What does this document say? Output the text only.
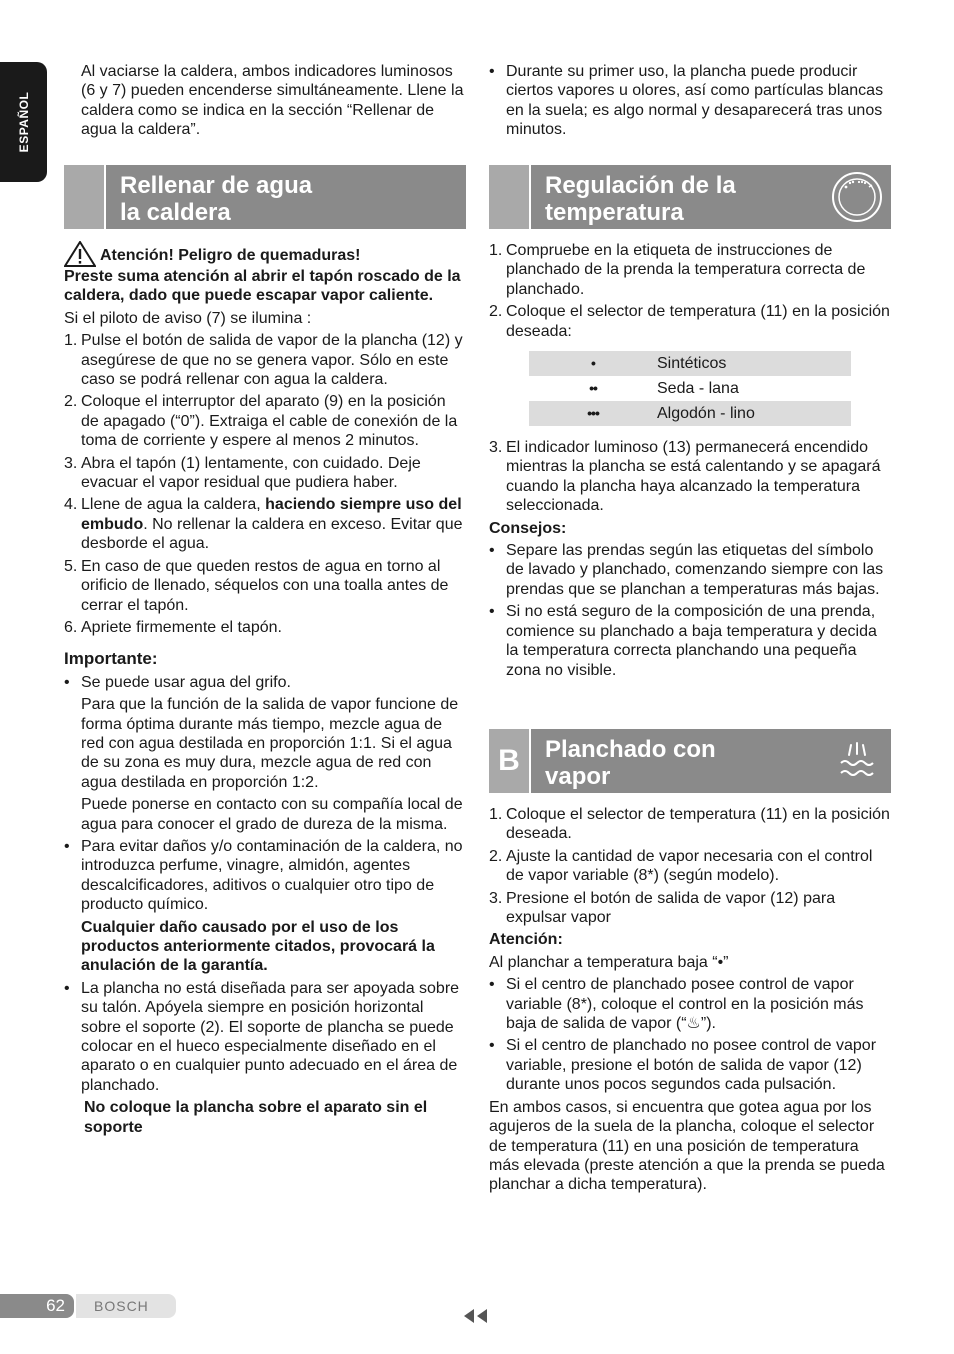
ESPAÑOL

Al vaciarse la caldera, ambos indicadores luminosos (6 y 7) pueden encenderse simultáneamente. Llene la caldera como se indica en la sección “Rellenar de agua la caldera”.

Rellenar de agua
la caldera
Atención! Peligro de quemaduras!

Preste suma atención al abrir el tapón roscado de la caldera, dado que puede escapar vapor caliente.

Si el piloto de aviso (7) se ilumina :

1. Pulse el botón de salida de vapor de la plancha (12) y asegúrese de que no se genera vapor. Sólo en este caso se podrá rellenar con agua la caldera.
2. Coloque el interruptor del aparato (9) en la posición de apagado (“0”). Extraiga el cable de conexión de la toma de corriente y espere al menos 2 minutos.
3. Abra el tapón (1) lentamente, con cuidado. Deje evacuar el vapor residual que pudiera haber.
4. Llene de agua la caldera, haciendo siempre uso del embudo. No rellenar la caldera en exceso. Evitar que desborde el agua.
5. En caso de que queden restos de agua en torno al orificio de llenado, séquelos con una toalla antes de cerrar el tapón.
6. Apriete firmemente el tapón.

Importante:

• Se puede usar agua del grifo.

Para que la función de la salida de vapor funcione de forma óptima durante más tiempo, mezcle agua de red con agua destilada en proporción 1:1. Si el agua de su zona es muy dura, mezcle agua de red con agua destilada en proporción 1:2.

Puede ponerse en contacto con su compañía local de agua para conocer el grado de dureza de la misma.

• Para evitar daños y/o contaminación de la caldera, no introduzca perfume, vinagre, almidón, agentes descalcificadores, aditivos o cualquier otro tipo de producto químico.

Cualquier daño causado por el uso de los productos anteriormente citados, provocará la anulación de la garantía.

• La plancha no está diseñada para ser apoyada sobre su talón. Apóyela siempre en posición horizontal sobre el soporte (2). El soporte de plancha se puede colocar en el hueco especialmente diseñado en el aparato o en cualquier punto adecuado en el área de planchado.

No coloque la plancha sobre el aparato sin el soporte

• Durante su primer uso, la plancha puede producir ciertos vapores u olores, así como partículas blancas en la suela; es algo normal y desaparecerá tras unos minutos.
Regulación de la
temperatura
1. Compruebe en la etiqueta de instrucciones de planchado de la prenda la temperatura correcta de planchado.
2. Coloque el selector de temperatura (11) en la posición deseada:
•	Sintéticos
••	Seda - lana
•••	Algodón - lino
3. El indicador luminoso (13) permanecerá encendido mientras la plancha se está calentando y se apagará cuando la plancha haya alcanzado la temperatura seleccionada.

Consejos:

• Separe las prendas según las etiquetas del símbolo de lavado y planchado, comenzando siempre con las prendas que se planchan a temperaturas más bajas.
• Si no está seguro de la composición de una prenda, comience su planchado a baja temperatura y decida la temperatura correcta planchando una pequeña zona no visible.
B	Planchado con
vapor
1. Coloque el selector de temperatura (11) en la posición deseada.
2. Ajuste la cantidad de vapor necesaria con el control de vapor variable (8*) (según modelo).
3. Presione el botón de salida de vapor (12) para expulsar vapor

Atención:

Al planchar a temperatura baja “•”

• Si el centro de planchado posee control de vapor variable (8*), coloque el control en la posición más baja de salida de vapor (“♨”).
• Si el centro de planchado no posee control de vapor variable, presione el botón de salida de vapor (12) durante unos pocos segundos cada pulsación.

En ambos casos, si encuentra que gotea agua por los agujeros de la suela de la plancha, coloque el selector de temperatura (11) en una posición de temperatura más elevada (preste atención a que la prenda se pueda planchar a dicha temperatura).

62	BOSCH
